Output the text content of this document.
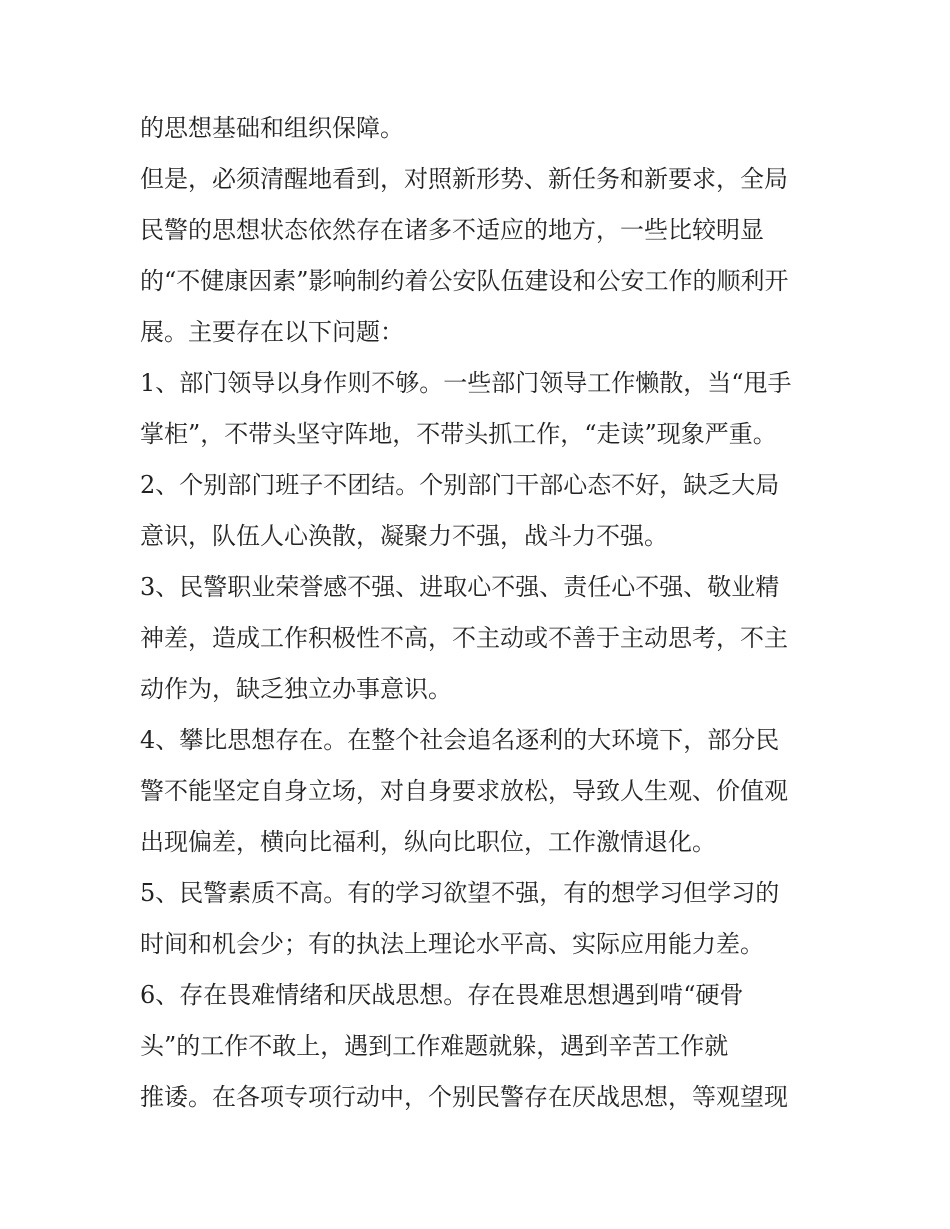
的思想基础和组织保障。
但是，必须清醒地看到，对照新形势、新任务和新要求，全局
民警的思想状态依然存在诸多不适应的地方，一些比较明显
的“不健康因素”影响制约着公安队伍建设和公安工作的顺利开
展。主要存在以下问题：
1、部门领导以身作则不够。一些部门领导工作懒散，当“甩手
掌柜”，不带头坚守阵地，不带头抓工作，“走读”现象严重。
2、个别部门班子不团结。个别部门干部心态不好，缺乏大局
意识，队伍人心涣散，凝聚力不强，战斗力不强。
3、民警职业荣誉感不强、进取心不强、责任心不强、敬业精
神差，造成工作积极性不高，不主动或不善于主动思考，不主
动作为，缺乏独立办事意识。
4、攀比思想存在。在整个社会追名逐利的大环境下，部分民
警不能坚定自身立场，对自身要求放松，导致人生观、价值观
出现偏差，横向比福利，纵向比职位，工作激情退化。
5、民警素质不高。有的学习欲望不强，有的想学习但学习的
时间和机会少；有的执法上理论水平高、实际应用能力差。
6、存在畏难情绪和厌战思想。存在畏难思想遇到啃“硬骨
头”的工作不敢上，遇到工作难题就躲，遇到辛苦工作就
推诿。在各项专项行动中，个别民警存在厌战思想，等观望现
